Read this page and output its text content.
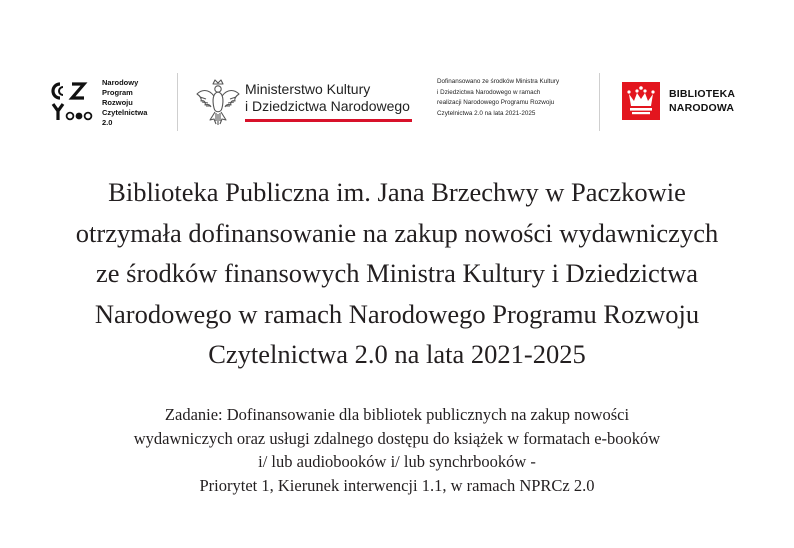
Narodowy
Program
Rozwoju
Czytelnictwa
2.0
Ministerstwo Kultury
i Dziedzictwa Narodowego
Dofinansowano ze środków Ministra Kultury
i Dziedzictwa Narodowego w ramach
realizacji Narodowego Programu Rozwoju
Czytelnictwa 2.0 na lata 2021-2025
BIBLIOTEKA
NARODOWA
Biblioteka Publiczna im. Jana Brzechwy w Paczkowie
otrzymała dofinansowanie na zakup nowości wydawniczych
ze środków finansowych Ministra Kultury i Dziedzictwa
Narodowego w ramach Narodowego Programu Rozwoju
Czytelnictwa 2.0 na lata 2021-2025
Zadanie: Dofinansowanie dla bibliotek publicznych na zakup nowości
wydawniczych oraz usługi zdalnego dostępu do książek w formatach e-booków
i/ lub audiobooków i/ lub synchrbooków -
Priorytet 1, Kierunek interwencji 1.1, w ramach NPRCz 2.0
